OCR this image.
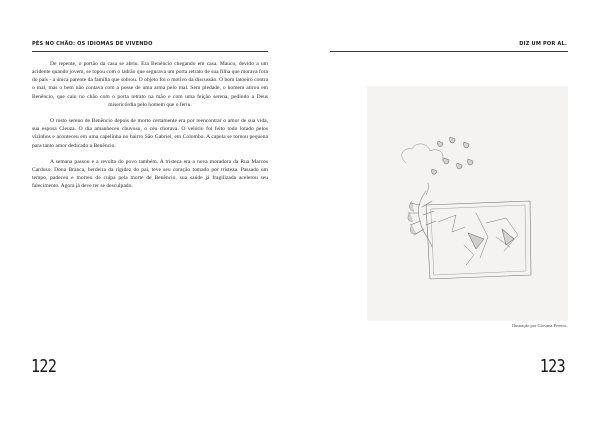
PÉS NO CHÃO: OS IDIOMAS DE VIVENDO

De repente, o portão da casa se abriu. Era Benêncio chegando em casa. Mauco, devido a um acidente quando jovem, se topou com o ladrão que segurava um porta retrato de sua filha que morava fora do país - a única parente da família que sobrou. O objeto foi o motivo da discussão. O bom latoeiro contra o mal, mas o bem não contava com a posse de uma arma pelo mal. Sem piedade, o homem atirou em Benêncio, que caiu no chão com o porta retrato na mão e com uma feição serena, pedindo a Deus misericórdia pelo homem que o feriu.

O rosto sereno de Benêncio depois de morto certamente era por reencontrar o amor de sua vida, sua esposa Cleuza. O dia amanheceu chuvoso, o céu chorava. O velório foi feito todo lotado pelos vizinhos e aconteceu em uma capelinha no bairro São Gabriel, em Colombo. A capela se tornou pequena para tanto amor dedicado a Benêncio.

A semana passou e a revolta do povo também. A tristeza era a nova moradora da Rua Marcos Cardoso. Dona Branca, herdeira da rigidez do pai, teve seu coração tomado por tristeza. Passado um tempo, padeceu e morreu de culpa pela morte de Benêncio, sua saúde já fragilizada acelerou seu falecimento. Agora já deve ter se desculpado.

122
DIZ UM POR AL.
Ilustração por Giovana Pereira.
123
